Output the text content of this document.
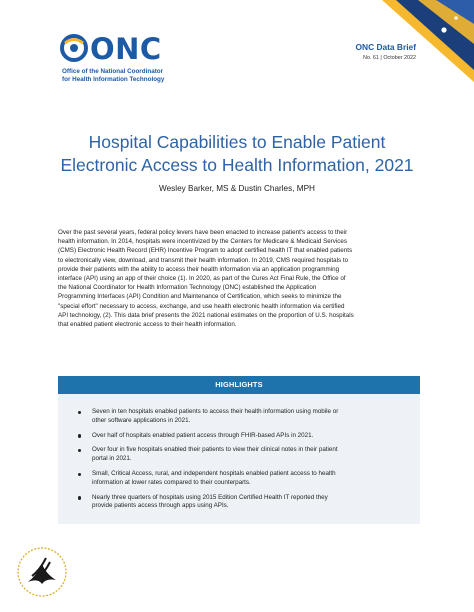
ONC
Office of the National Coordinator
for Health Information Technology
ONC Data Brief
No. 61 | October 2022
Hospital Capabilities to Enable Patient
Electronic Access to Health Information, 2021
Wesley Barker, MS & Dustin Charles, MPH
Over the past several years, federal policy levers have been enacted to increase patient's access to their
health information. In 2014, hospitals were incentivized by the Centers for Medicare & Medicaid Services
(CMS) Electronic Health Record (EHR) Incentive Program to adopt certified health IT that enabled patients
to electronically view, download, and transmit their health information. In 2019, CMS required hospitals to
provide their patients with the ability to access their health information via an application programming
interface (API) using an app of their choice (1). In 2020, as part of the Cures Act Final Rule, the Office of
the National Coordinator for Health Information Technology (ONC) established the Application
Programming Interfaces (API) Condition and Maintenance of Certification, which seeks to minimize the
"special effort" necessary to access, exchange, and use health electronic health information via certified
API technology, (2). This data brief presents the 2021 national estimates on the proportion of U.S. hospitals
that enabled patient electronic access to their health information.
HIGHLIGHTS
Seven in ten hospitals enabled patients to access their health information using mobile or
other software applications in 2021.
Over half of hospitals enabled patient access through FHIR-based APIs in 2021.
Over four in five hospitals enabled their patients to view their clinical notes in their patient
portal in 2021.
Small, Critical Access, rural, and independent hospitals enabled patient access to health
information at lower rates compared to their counterparts.
Nearly three quarters of hospitals using 2015 Edition Certified Health IT reported they
provide patients access through apps using APIs.
